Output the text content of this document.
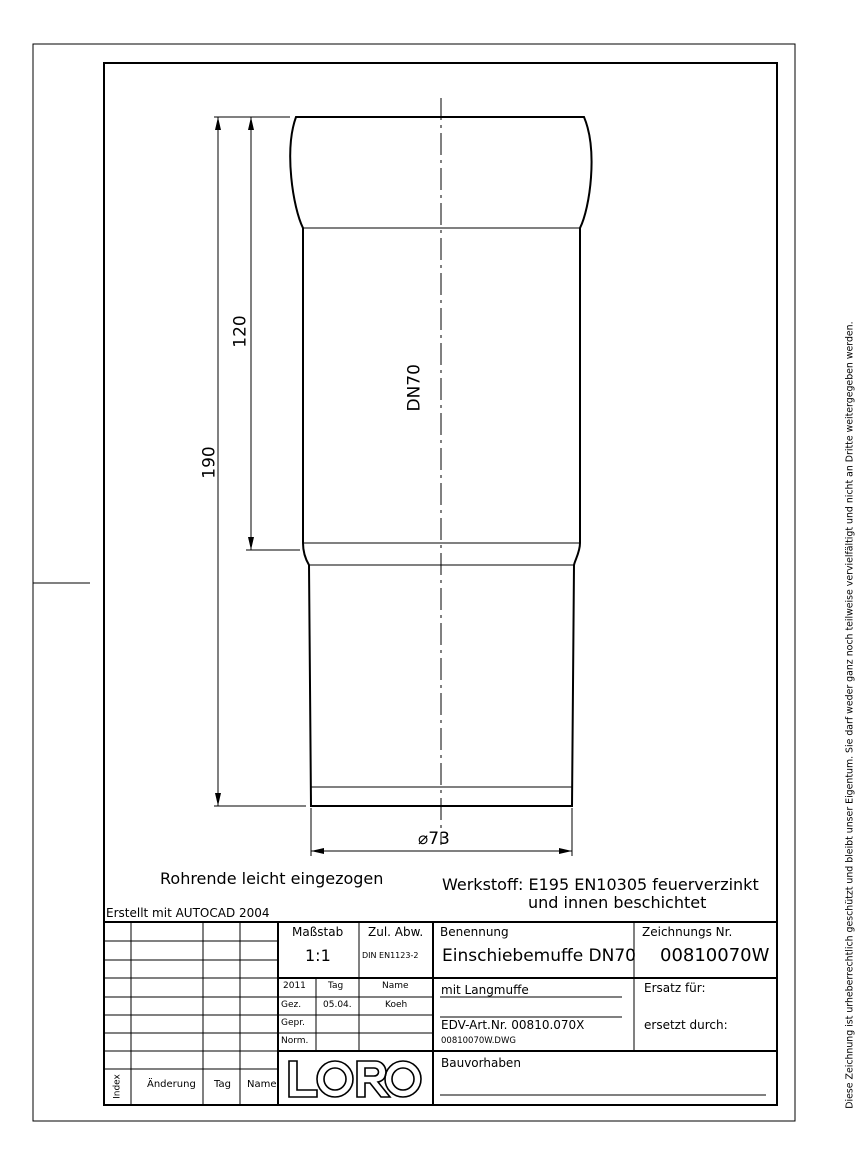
190
120
DN70
⌀73
Rohrende leicht eingezogen	Werkstoff: E195 EN10305 feuerverzinkt
und innen beschichtet
Erstellt mit AUTOCAD 2004	Diese Zeichnung ist urheberrechtlich geschützt und bleibt unser Eigentum. Sie darf weder ganz noch teilweise vervielfältigt und nicht an Dritte weitergegeben werden.
Maßstab
1:1
Zul. Abw.
DIN EN1123-2
Benennung
Einschiebemuffe DN70
Zeichnungs Nr.
00810070W
2011 Tag	Name
Gez. 05.04.	Koeh
Gepr.
Norm.
mit Langmuffe
EDV-Art.Nr. 00810.070X
00810070W.DWG
Ersatz für:
ersetzt durch:
Bauvorhaben
Index Änderung Tag Name
